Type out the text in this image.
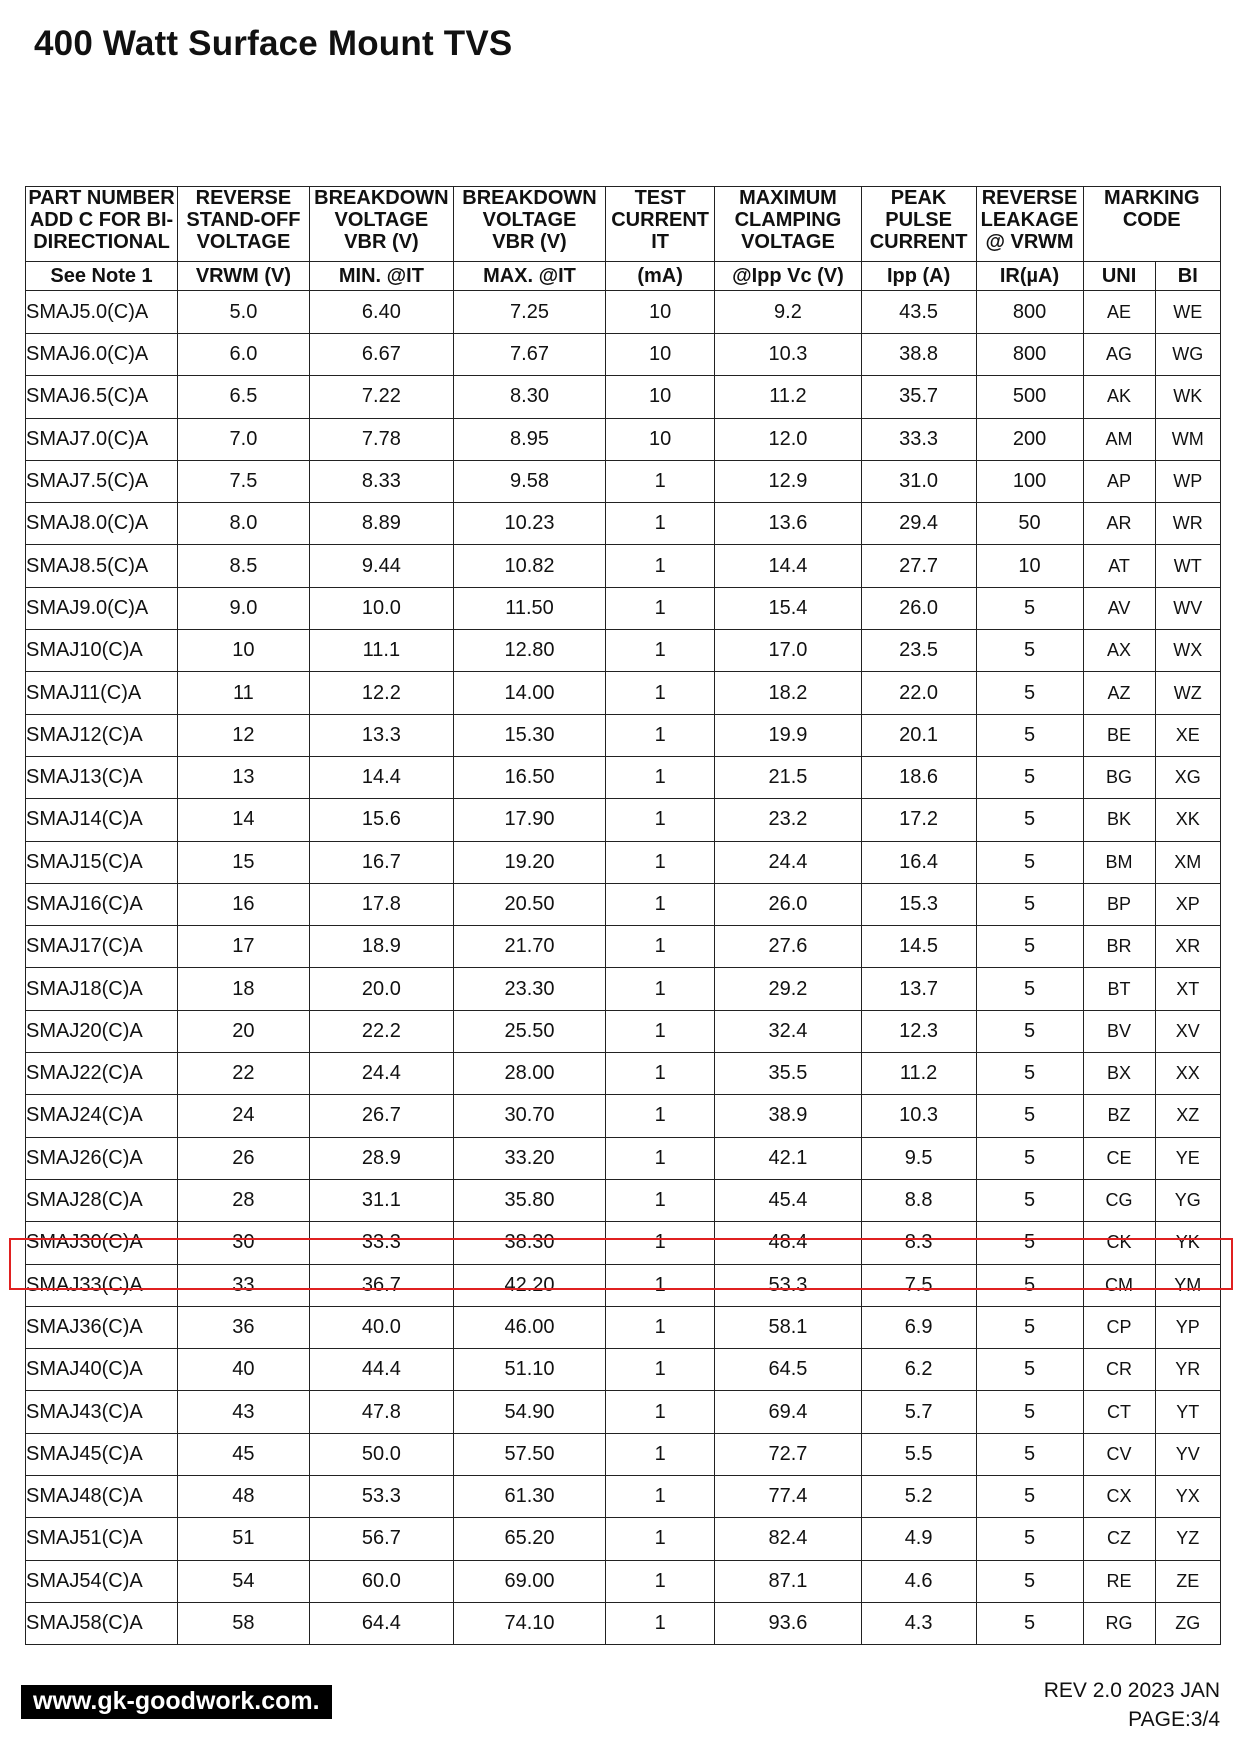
400 Watt Surface Mount TVS
PART NUMBER
ADD C FOR BI-
DIRECTIONAL	REVERSE
STAND-OFF
VOLTAGE	BREAKDOWN
VOLTAGE
VBR (V)	BREAKDOWN
VOLTAGE
VBR (V)	TEST
CURRENT
IT	MAXIMUM
CLAMPING
VOLTAGE	PEAK
PULSE
CURRENT	REVERSE
LEAKAGE
@ VRWM	MARKING
CODE	

See Note 1	VRWM (V)	MIN. @IT	MAX. @IT	(mA)	@Ipp Vc (V)	Ipp (A)	IR(µA)	UNI	BI
SMAJ5.0(C)A	5.0	6.40	7.25	10	9.2	43.5	800	AE	WE
SMAJ6.0(C)A	6.0	6.67	7.67	10	10.3	38.8	800	AG	WG
SMAJ6.5(C)A	6.5	7.22	8.30	10	11.2	35.7	500	AK	WK
SMAJ7.0(C)A	7.0	7.78	8.95	10	12.0	33.3	200	AM	WM
SMAJ7.5(C)A	7.5	8.33	9.58	1	12.9	31.0	100	AP	WP
SMAJ8.0(C)A	8.0	8.89	10.23	1	13.6	29.4	50	AR	WR
SMAJ8.5(C)A	8.5	9.44	10.82	1	14.4	27.7	10	AT	WT
SMAJ9.0(C)A	9.0	10.0	11.50	1	15.4	26.0	5	AV	WV
SMAJ10(C)A	10	11.1	12.80	1	17.0	23.5	5	AX	WX
SMAJ11(C)A	11	12.2	14.00	1	18.2	22.0	5	AZ	WZ
SMAJ12(C)A	12	13.3	15.30	1	19.9	20.1	5	BE	XE
SMAJ13(C)A	13	14.4	16.50	1	21.5	18.6	5	BG	XG
SMAJ14(C)A	14	15.6	17.90	1	23.2	17.2	5	BK	XK
SMAJ15(C)A	15	16.7	19.20	1	24.4	16.4	5	BM	XM
SMAJ16(C)A	16	17.8	20.50	1	26.0	15.3	5	BP	XP
SMAJ17(C)A	17	18.9	21.70	1	27.6	14.5	5	BR	XR
SMAJ18(C)A	18	20.0	23.30	1	29.2	13.7	5	BT	XT
SMAJ20(C)A	20	22.2	25.50	1	32.4	12.3	5	BV	XV
SMAJ22(C)A	22	24.4	28.00	1	35.5	11.2	5	BX	XX
SMAJ24(C)A	24	26.7	30.70	1	38.9	10.3	5	BZ	XZ
SMAJ26(C)A	26	28.9	33.20	1	42.1	9.5	5	CE	YE
SMAJ28(C)A	28	31.1	35.80	1	45.4	8.8	5	CG	YG
SMAJ30(C)A	30	33.3	38.30	1	48.4	8.3	5	CK	YK
SMAJ33(C)A	33	36.7	42.20	1	53.3	7.5	5	CM	YM
SMAJ36(C)A	36	40.0	46.00	1	58.1	6.9	5	CP	YP
SMAJ40(C)A	40	44.4	51.10	1	64.5	6.2	5	CR	YR
SMAJ43(C)A	43	47.8	54.90	1	69.4	5.7	5	CT	YT
SMAJ45(C)A	45	50.0	57.50	1	72.7	5.5	5	CV	YV
SMAJ48(C)A	48	53.3	61.30	1	77.4	5.2	5	CX	YX
SMAJ51(C)A	51	56.7	65.20	1	82.4	4.9	5	CZ	YZ
SMAJ54(C)A	54	60.0	69.00	1	87.1	4.6	5	RE	ZE
SMAJ58(C)A	58	64.4	74.10	1	93.6	4.3	5	RG	ZG
www.gk-goodwork.com.	REV 2.0 2023 JAN
PAGE:3/4
